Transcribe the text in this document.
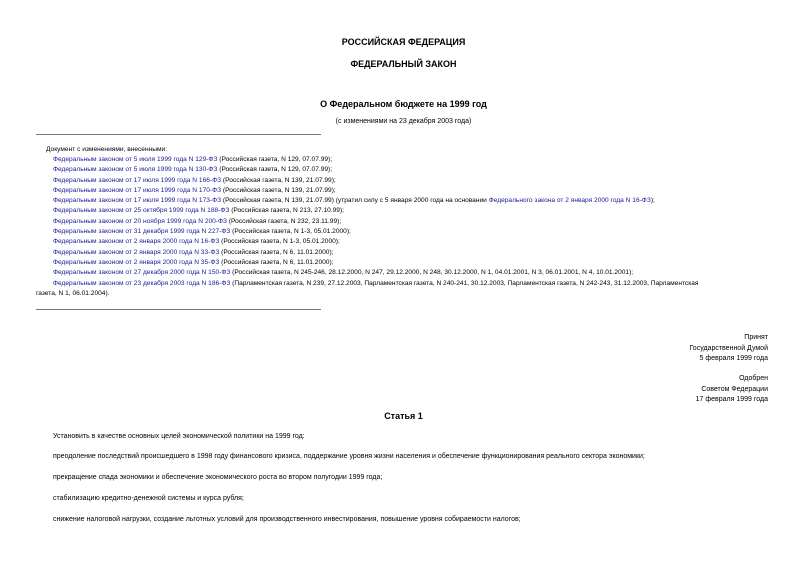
РОССИЙСКАЯ ФЕДЕРАЦИЯ
ФЕДЕРАЛЬНЫЙ ЗАКОН
О Федеральном бюджете на 1999 год
(с изменениями на 23 декабря 2003 года)
Документ с изменениями, внесенными:
Федеральным законом от 5 июля 1999 года N 129-ФЗ (Российская газета, N 129, 07.07.99);
Федеральным законом от 5 июля 1999 года N 130-ФЗ (Российская газета, N 129, 07.07.99);
Федеральным законом от 17 июля 1999 года N 166-ФЗ (Российская газета, N 139, 21.07.99);
Федеральным законом от 17 июля 1999 года N 170-ФЗ (Российская газета, N 139, 21.07.99);
Федеральным законом от 17 июля 1999 года N 173-ФЗ (Российская газета, N 139, 21.07.99) (утратил силу с 5 января 2000 года на основании Федерального закона от 2 января 2000 года N 16-ФЗ);
Федеральным законом от 25 октября 1999 года N 188-ФЗ (Российская газета, N 213, 27.10.99);
Федеральным законом от 20 ноября 1999 года N 200-ФЗ (Российская газета, N 232, 23.11.99);
Федеральным законом от 31 декабря 1999 года N 227-ФЗ (Российская газета, N 1-3, 05.01.2000);
Федеральным законом от 2 января 2000 года N 16-ФЗ (Российская газета, N 1-3, 05.01.2000);
Федеральным законом от 2 января 2000 года N 33-ФЗ (Российская газета, N 6, 11.01.2000);
Федеральным законом от 2 января 2000 года N 35-ФЗ (Российская газета, N 6, 11.01.2000);
Федеральным законом от 27 декабря 2000 года N 150-ФЗ (Российская газета, N 245-246, 28.12.2000, N 247, 29.12.2000, N 248, 30.12.2000, N 1, 04.01.2001, N 3, 06.01.2001, N 4, 10.01.2001);
Федеральным законом от 23 декабря 2003 года N 186-ФЗ (Парламентская газета, N 239, 27.12.2003, Парламентская газета, N 240-241, 30.12.2003, Парламентская газета, N 242-243, 31.12.2003, Парламентская
газета, N 1, 06.01.2004).
Принят
Государственной Думой
5 февраля 1999 года
Одобрен
Советом Федерации
17 февраля 1999 года
Статья 1
Установить в качестве основных целей экономической политики на 1999 год:
преодоление последствий происшедшего в 1998 году финансового кризиса, поддержание уровня жизни населения и обеспечение функционирования реального сектора экономики;
прекращение спада экономики и обеспечение экономического роста во втором полугодии 1999 года;
стабилизацию кредитно-денежной системы и курса рубля;
снижение налоговой нагрузки, создание льготных условий для производственного инвестирования, повышение уровня собираемости налогов;
